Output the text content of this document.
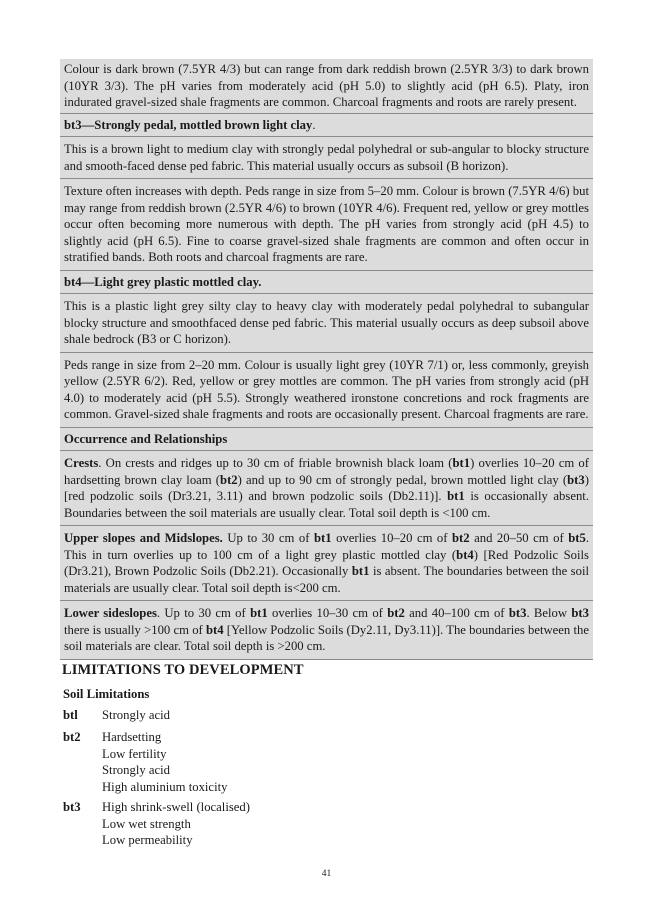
Colour is dark brown (7.5YR 4/3) but can range from dark reddish brown (2.5YR 3/3) to dark brown (10YR 3/3). The pH varies from moderately acid (pH 5.0) to slightly acid (pH 6.5). Platy, iron indurated gravel-sized shale fragments are common. Charcoal fragments and roots are rarely present.

bt3—Strongly pedal, mottled brown light clay.

This is a brown light to medium clay with strongly pedal polyhedral or sub-angular to blocky structure and smooth-faced dense ped fabric. This material usually occurs as subsoil (B horizon).

Texture often increases with depth. Peds range in size from 5–20 mm. Colour is brown (7.5YR 4/6) but may range from reddish brown (2.5YR 4/6) to brown (10YR 4/6). Frequent red, yellow or grey mottles occur often becoming more numerous with depth. The pH varies from strongly acid (pH 4.5) to slightly acid (pH 6.5). Fine to coarse gravel-sized shale fragments are common and often occur in stratified bands. Both roots and charcoal fragments are rare.

bt4—Light grey plastic mottled clay.

This is a plastic light grey silty clay to heavy clay with moderately pedal polyhedral to subangular blocky structure and smoothfaced dense ped fabric. This material usually occurs as deep subsoil above shale bedrock (B3 or C horizon).

Peds range in size from 2–20 mm. Colour is usually light grey (10YR 7/1) or, less commonly, greyish yellow (2.5YR 6/2). Red, yellow or grey mottles are common. The pH varies from strongly acid (pH 4.0) to moderately acid (pH 5.5). Strongly weathered ironstone concretions and rock fragments are common. Gravel-sized shale fragments and roots are occasionally present. Charcoal fragments are rare.

Occurrence and Relationships

Crests. On crests and ridges up to 30 cm of friable brownish black loam (bt1) overlies 10–20 cm of hardsetting brown clay loam (bt2) and up to 90 cm of strongly pedal, brown mottled light clay (bt3) [red podzolic soils (Dr3.21, 3.11) and brown podzolic soils (Db2.11)]. bt1 is occasionally absent. Boundaries between the soil materials are usually clear. Total soil depth is <100 cm.

Upper slopes and Midslopes. Up to 30 cm of bt1 overlies 10–20 cm of bt2 and 20–50 cm of bt5. This in turn overlies up to 100 cm of a light grey plastic mottled clay (bt4) [Red Podzolic Soils (Dr3.21), Brown Podzolic Soils (Db2.21). Occasionally bt1 is absent. The boundaries between the soil materials are usually clear. Total soil depth is<200 cm.

Lower sideslopes. Up to 30 cm of bt1 overlies 10–30 cm of bt2 and 40–100 cm of bt3. Below bt3 there is usually >100 cm of bt4 [Yellow Podzolic Soils (Dy2.11, Dy3.11)]. The boundaries between the soil materials are clear. Total soil depth is >200 cm.

LIMITATIONS TO DEVELOPMENT
Soil Limitations
btl	Strongly acid
bt2	Hardsetting
Low fertility
Strongly acid
High aluminium toxicity
bt3	High shrink-swell (localised)
Low wet strength
Low permeability
41
